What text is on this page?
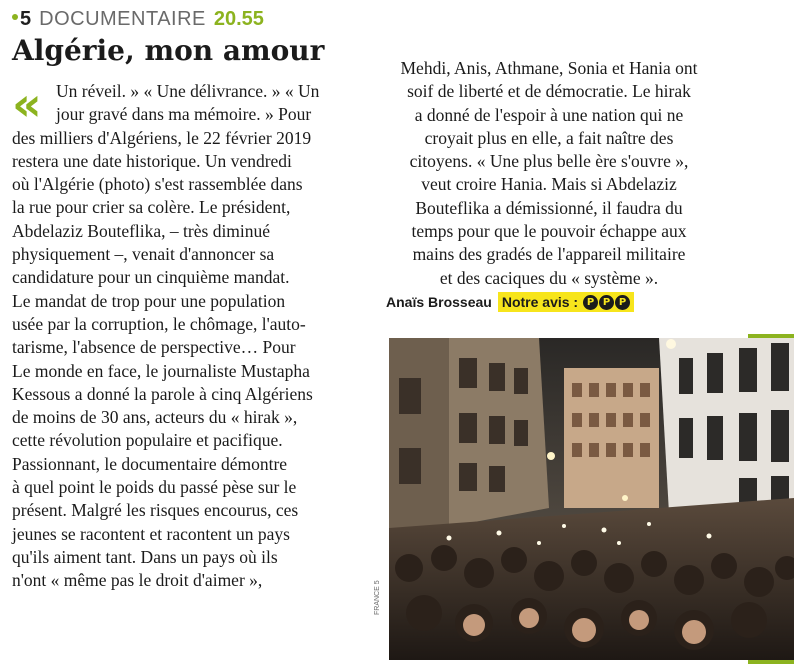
5 DOCUMENTAIRE 20.55
Algérie, mon amour
« Un réveil. » « Une délivrance. » « Un
jour gravé dans ma mémoire. » Pour
des milliers d'Algériens, le 22 février 2019
restera une date historique. Un vendredi
où l'Algérie (photo) s'est rassemblée dans
la rue pour crier sa colère. Le président,
Abdelaziz Bouteflika, – très diminué
physiquement –, venait d'annoncer sa
candidature pour un cinquième mandat.
Le mandat de trop pour une population
usée par la corruption, le chômage, l'auto-
tarisme, l'absence de perspective… Pour
Le monde en face, le journaliste Mustapha
Kessous a donné la parole à cinq Algériens
de moins de 30 ans, acteurs du « hirak »,
cette révolution populaire et pacifique.
Passionnant, le documentaire démontre
à quel point le poids du passé pèse sur le
présent. Malgré les risques encourus, ces
jeunes se racontent et racontent un pays
qu'ils aiment tant. Dans un pays où ils
n'ont « même pas le droit d'aimer »,
Mehdi, Anis, Athmane, Sonia et Hania ont
soif de liberté et de démocratie. Le hirak
a donné de l'espoir à une nation qui ne
croyait plus en elle, a fait naître des
citoyens. « Une plus belle ère s'ouvre »,
veut croire Hania. Mais si Abdelaziz
Bouteflika a démissionné, il faudra du
temps pour que le pouvoir échappe aux
mains des gradés de l'appareil militaire
et des caciques du « système ».
Anaïs Brosseau Notre avis : P P P
FRANCE 5
